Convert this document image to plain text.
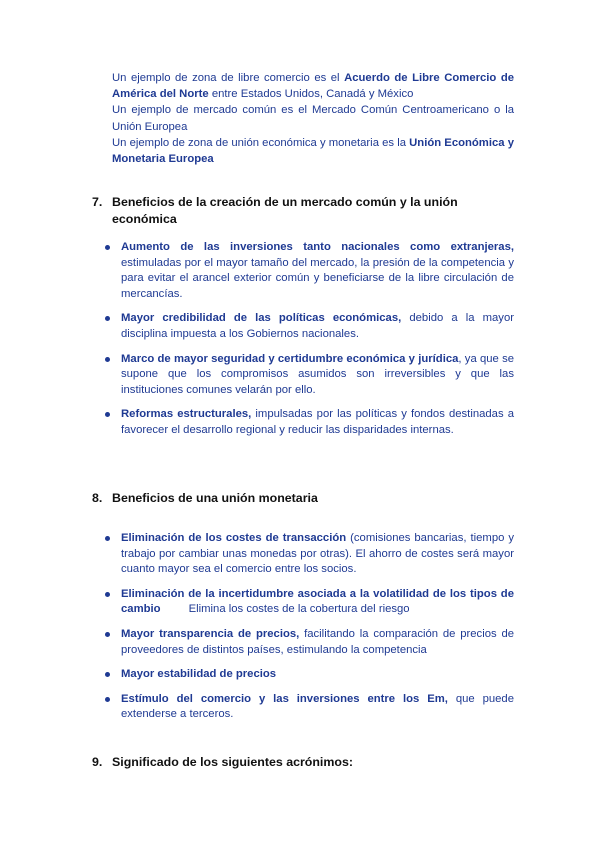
Un ejemplo de zona de libre comercio es el Acuerdo de Libre Comercio de América del Norte entre Estados Unidos, Canadá y México

Un ejemplo de mercado común es el Mercado Común Centroamericano o la Unión Europea

Un ejemplo de zona de unión económica y monetaria es la Unión Económica y Monetaria Europea

7. Beneficios de la creación de un mercado común y la unión
económica
Aumento de las inversiones tanto nacionales como extranjeras, estimuladas por el mayor tamaño del mercado, la presión de la competencia y para evitar el arancel exterior común y beneficiarse de la libre circulación de mercancías.
Mayor credibilidad de las políticas económicas, debido a la mayor disciplina impuesta a los Gobiernos nacionales.
Marco de mayor seguridad y certidumbre económica y jurídica, ya que se supone que los compromisos asumidos son irreversibles y que las instituciones comunes velarán por ello.
Reformas estructurales, impulsadas por las políticas y fondos destinadas a favorecer el desarrollo regional y reducir las disparidades internas.
8. Beneficios de una unión monetaria
Eliminación de los costes de transacción (comisiones bancarias, tiempo y trabajo por cambiar unas monedas por otras). El ahorro de costes será mayor cuanto mayor sea el comercio entre los socios.
Eliminación de la incertidumbre asociada a la volatilidad de los tipos de cambio Elimina los costes de la cobertura del riesgo
Mayor transparencia de precios, facilitando la comparación de precios de proveedores de distintos países, estimulando la competencia
Mayor estabilidad de precios
Estímulo del comercio y las inversiones entre los Em, que puede extenderse a terceros.
9. Significado de los siguientes acrónimos:
